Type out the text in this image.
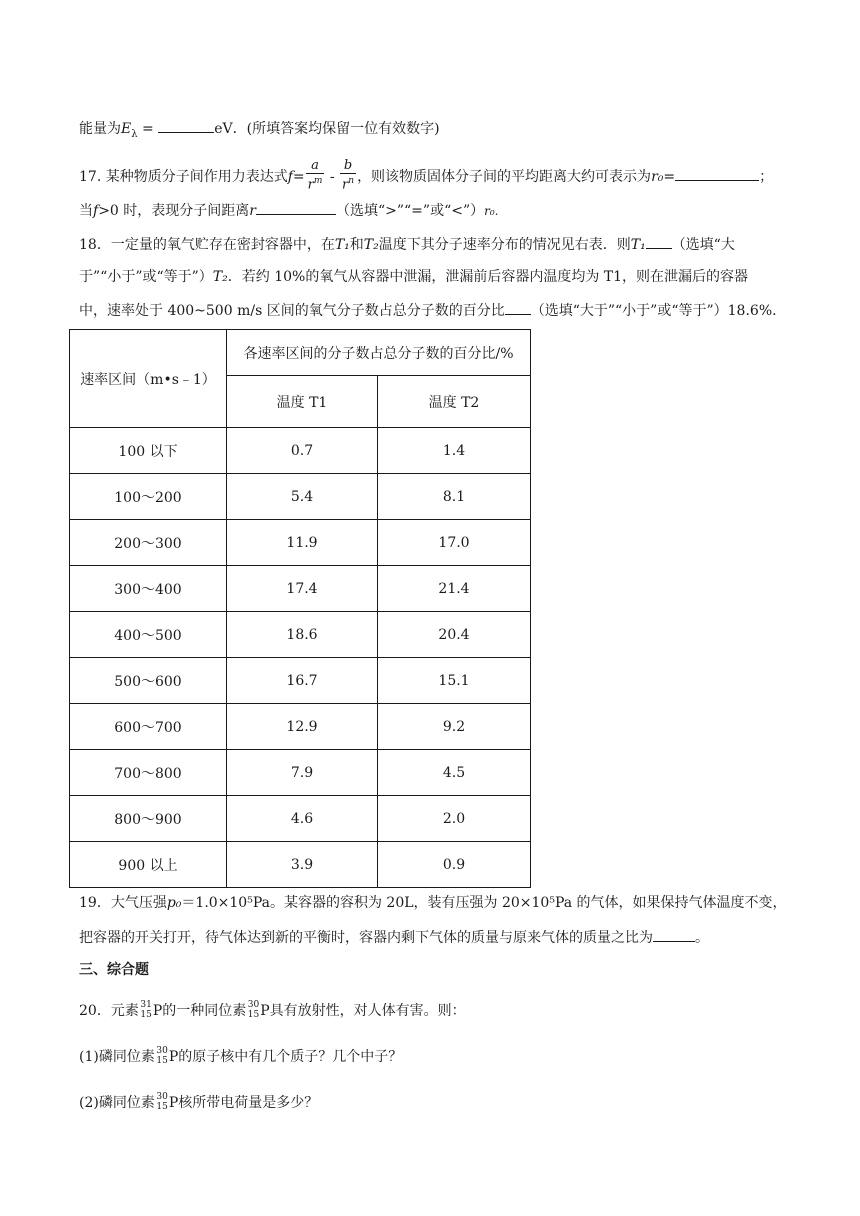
能量为$E_\lambda$ =	eV．(所填答案均保留一位有效数字)
17. 某种物质分子间作用力表达式$f= \frac{a}{r^m} - \frac{b}{r^n}$ ，则该物质固体分子间的平均距离大约可表示为r₀=	；
当f>0 时，表现分子间距离r	（选填“>”“=”或“<”）r₀.
18．一定量的氧气贮存在密封容器中，在T₁和T₂温度下其分子速率分布的情况见右表．则T₁ （选填“大
于”“小于”或“等于”）T₂．若约 10%的氧气从容器中泄漏，泄漏前后容器内温度均为 T1，则在泄漏后的容器
中，速率处于 400~500 m/s 区间的氧气分子数占总分子数的百分比 （选填“大于”“小于”或“等于”）18.6%．
速率区间（m•s﹣1）	各速率区间的分子数占总分子数的百分比/%	
	温度 T1	温度 T2
100 以下	0.7	1.4
100～200	5.4	8.1
200～300	11.9	17.0
300～400	17.4	21.4
400～500	18.6	20.4
500～600	16.7	15.1
600～700	12.9	9.2
700～800	7.9	4.5
800～900	4.6	2.0
900 以上	3.9	0.9
19．大气压强p₀＝1.0×10⁵Pa。某容器的容积为 20L，装有压强为 20×10⁵Pa 的气体，如果保持气体温度不变，
把容器的开关打开，待气体达到新的平衡时，容器内剩下气体的质量与原来气体的质量之比为	。
三、综合题
20．元素 31
15 P的一种同位素 30
15 P具有放射性，对人体有害。则：
(1)磷同位素 30
15 P的原子核中有几个质子？几个中子？
(2)磷同位素 30
15 P核所带电荷量是多少？
